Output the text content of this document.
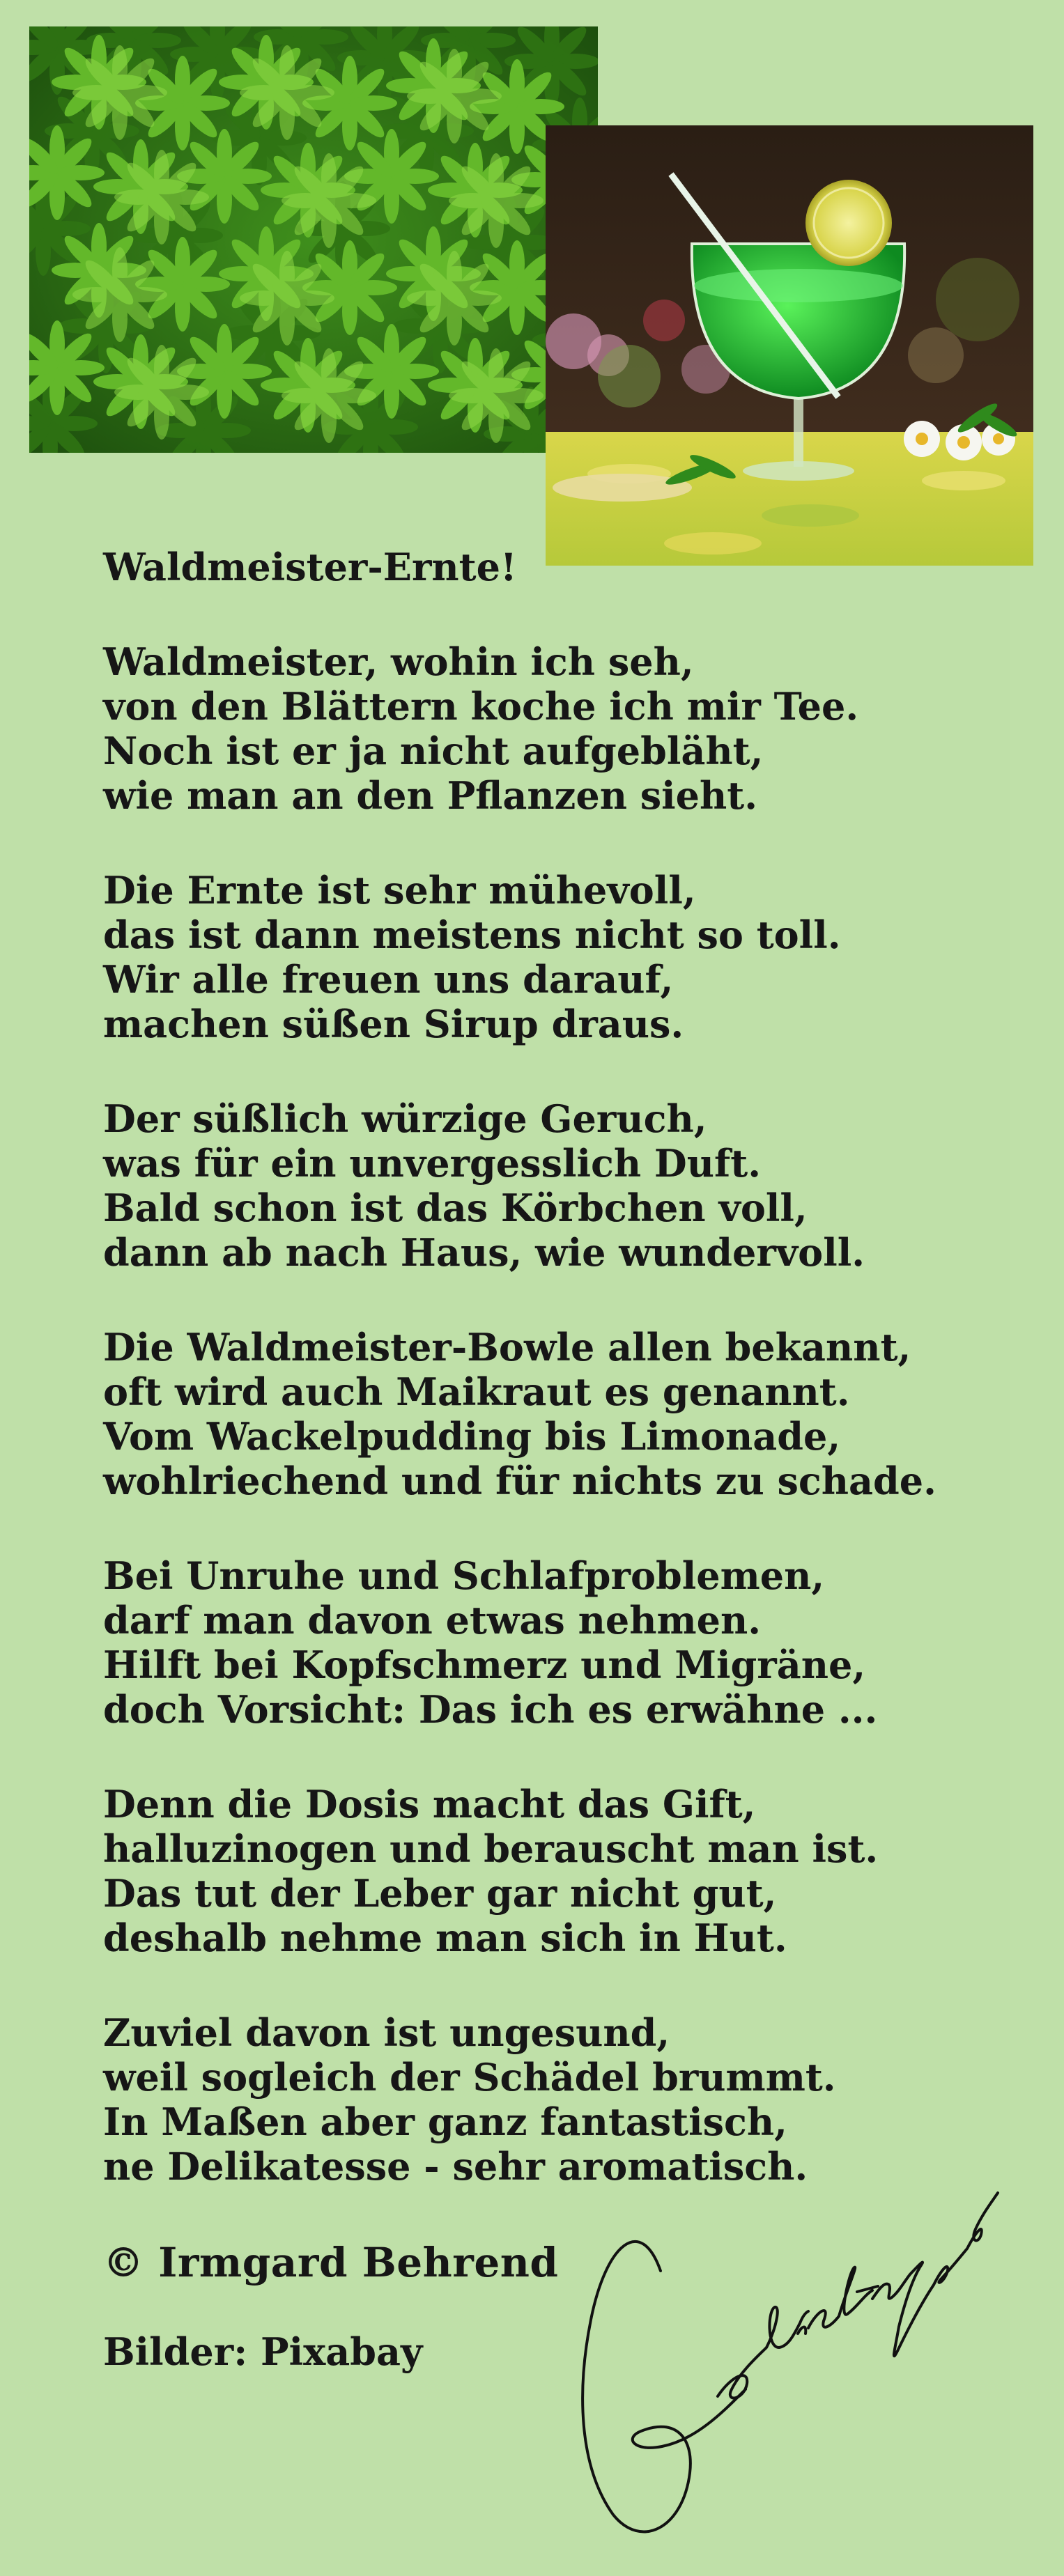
Waldmeister-Ernte!
Waldmeister, wohin ich seh,
von den Blättern koche ich mir Tee.
Noch ist er ja nicht aufgebläht,
wie man an den Pflanzen sieht.
Die Ernte ist sehr mühevoll,
das ist dann meistens nicht so toll.
Wir alle freuen uns darauf,
machen süßen Sirup draus.
Der süßlich würzige Geruch,
was für ein unvergesslich Duft.
Bald schon ist das Körbchen voll,
dann ab nach Haus, wie wundervoll.
Die Waldmeister-Bowle allen bekannt,
oft wird auch Maikraut es genannt.
Vom Wackelpudding bis Limonade,
wohlriechend und für nichts zu schade.
Bei Unruhe und Schlafproblemen,
darf man davon etwas nehmen.
Hilft bei Kopfschmerz und Migräne,
doch Vorsicht: Das ich es erwähne ...
Denn die Dosis macht das Gift,
halluzinogen und berauscht man ist.
Das tut der Leber gar nicht gut,
deshalb nehme man sich in Hut.
Zuviel davon ist ungesund,
weil sogleich der Schädel brummt.
In Maßen aber ganz fantastisch,
ne Delikatesse - sehr aromatisch.

© Irmgard Behrend

Bilder: Pixabay
